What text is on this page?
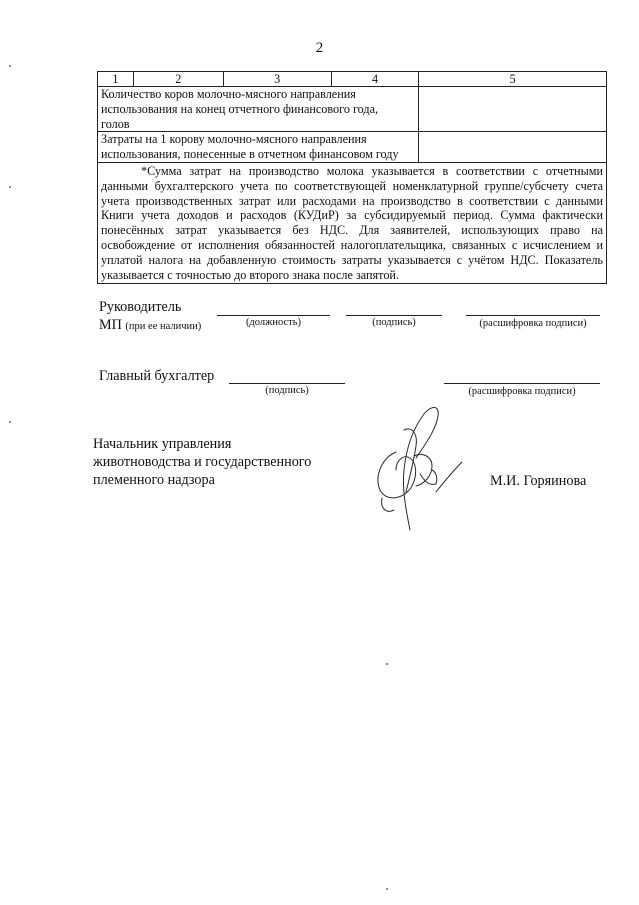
2
1	2	3	4	5

Количество коров молочно-мясного направления
использования на конец отчетного финансового года,
голов				

Затраты на 1 корову молочно-мясного направления
использования, понесенные в отчетном финансовом году				

*Сумма затрат на производство молока указывается в соответствии с отчетными данными бухгалтерского учета по соответствующей номенклатурной группе/субсчету счета учета производственных затрат или расходами на производство в соответствии с данными Книги учета доходов и расходов (КУДиР) за субсидируемый период. Сумма фактически понесённых затрат указывается без НДС. Для заявителей, использующих право на освобождение от исполнения обязанностей налогоплательщика, связанных с исчислением и уплатой налога на добавленную стоимость затраты указывается с учётом НДС. Показатель указывается с точностью до второго знака после запятой.				
Руководитель
МП (при ее наличии)	(должность)	(подпись)	(расшифровка подписи)
Главный бухгалтер
(подпись)	(расшифровка подписи)
Начальник управления
животноводства и государственного
племенного надзора	М.И. Горяинова
